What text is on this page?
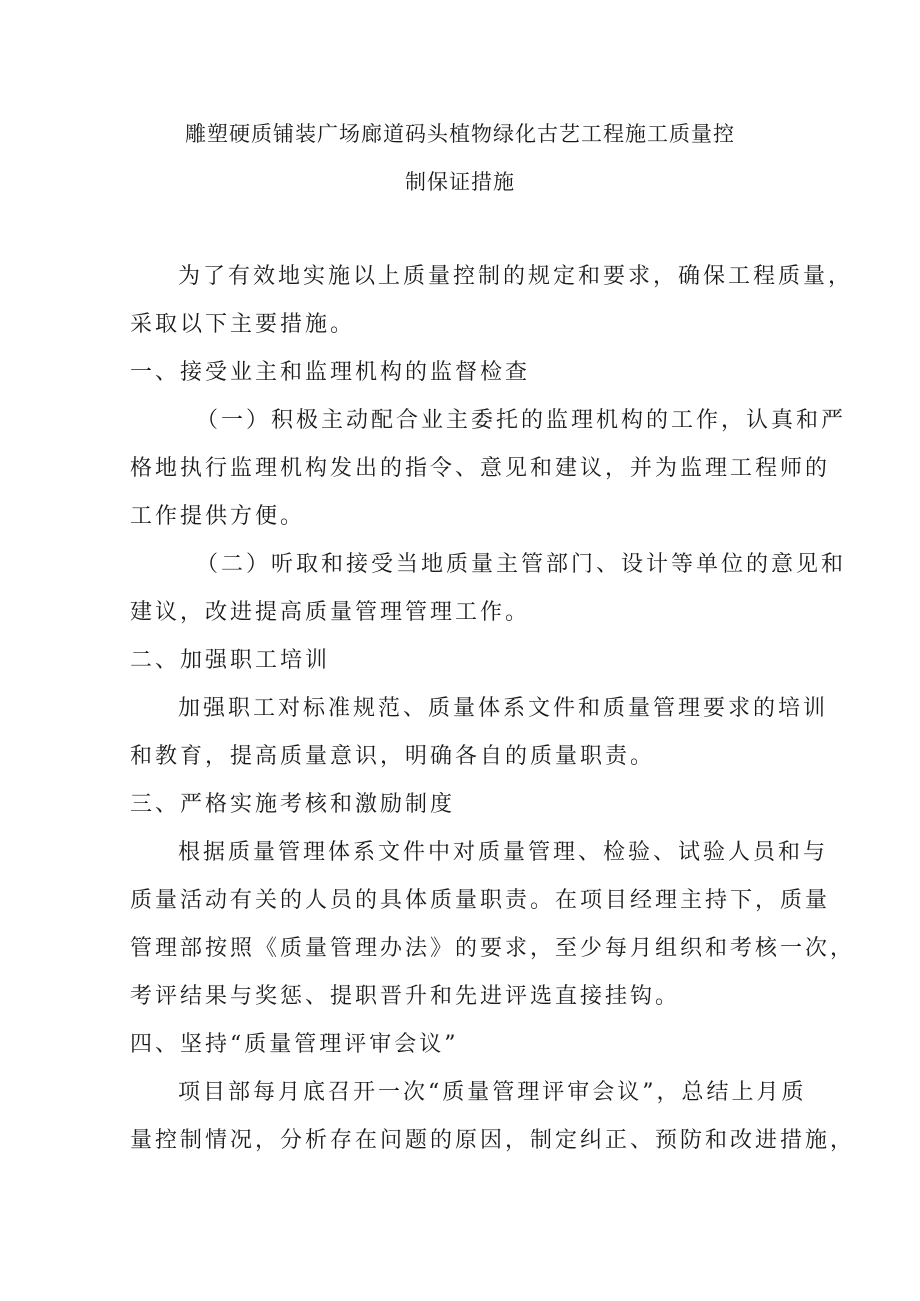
雕塑硬质铺装广场廊道码头植物绿化古艺工程施工质量控
制保证措施
为了有效地实施以上质量控制的规定和要求，确保工程质量，
采取以下主要措施。
一、接受业主和监理机构的监督检查
（一）积极主动配合业主委托的监理机构的工作，认真和严
格地执行监理机构发出的指令、意见和建议，并为监理工程师的
工作提供方便。
（二）听取和接受当地质量主管部门、设计等单位的意见和
建议，改进提高质量管理管理工作。
二、加强职工培训
加强职工对标准规范、质量体系文件和质量管理要求的培训
和教育，提高质量意识，明确各自的质量职责。
三、严格实施考核和激励制度
根据质量管理体系文件中对质量管理、检验、试验人员和与
质量活动有关的人员的具体质量职责。在项目经理主持下，质量
管理部按照《质量管理办法》的要求，至少每月组织和考核一次，
考评结果与奖惩、提职晋升和先进评选直接挂钩。
四、坚持“质量管理评审会议”
项目部每月底召开一次“质量管理评审会议”，总结上月质
量控制情况，分析存在问题的原因，制定纠正、预防和改进措施，
